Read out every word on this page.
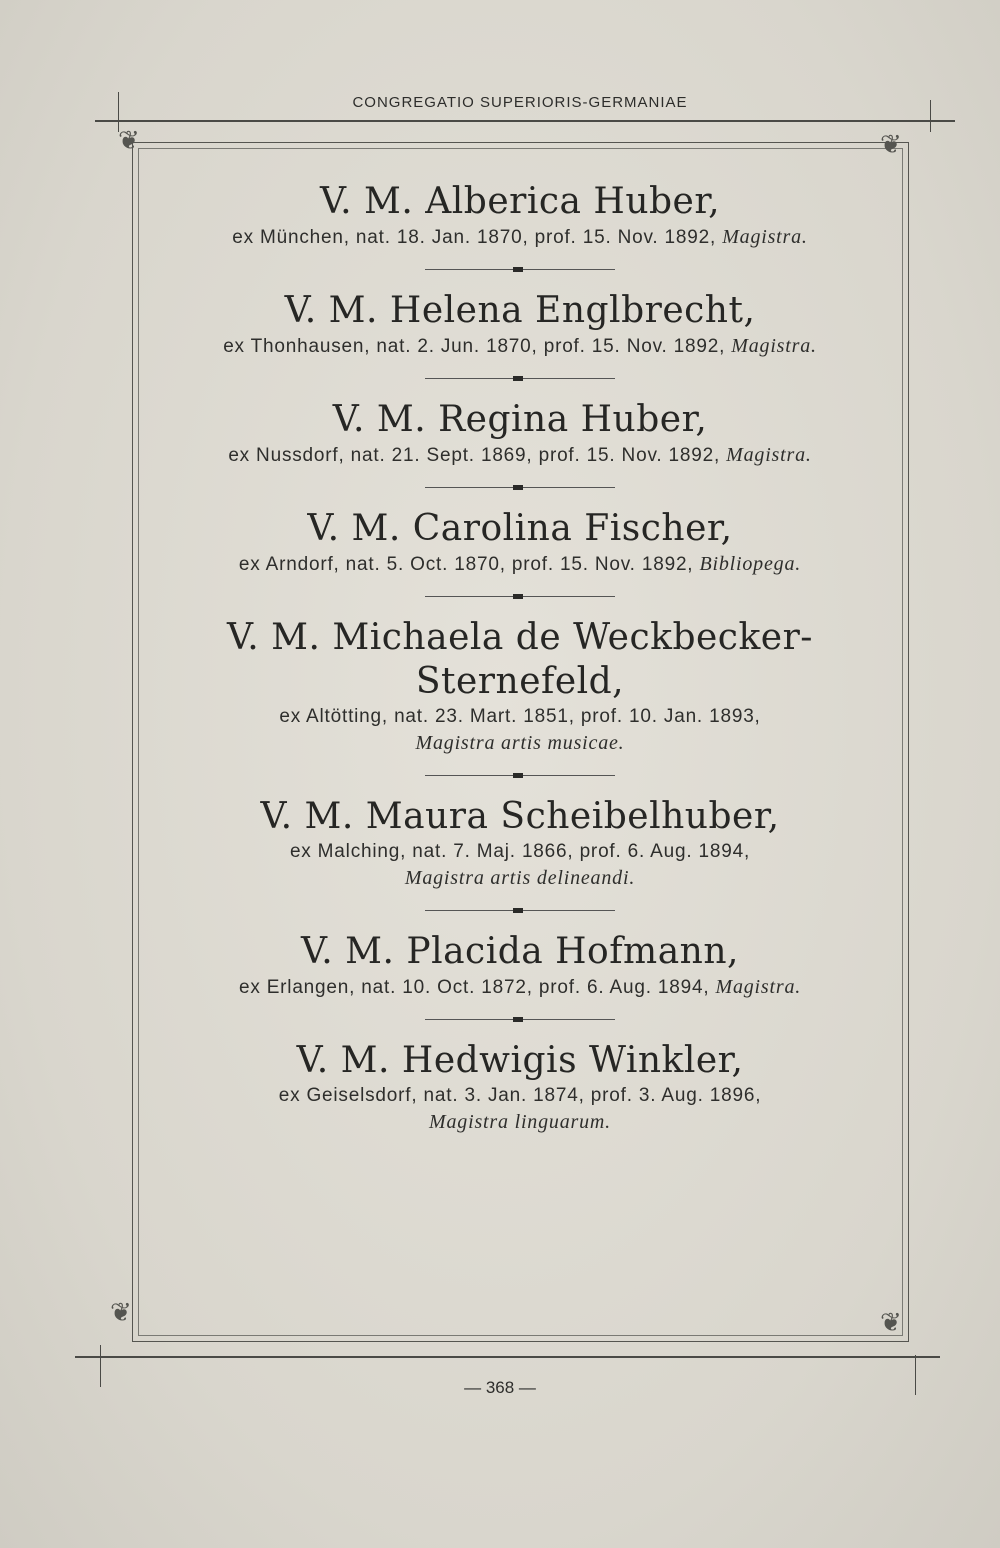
CONGREGATIO SUPERIORIS-GERMANIAE
❦	❦
❦	❦
V. M. Alberica Huber,
ex München, nat. 18. Jan. 1870, prof. 15. Nov. 1892, Magistra.
V. M. Helena Englbrecht,
ex Thonhausen, nat. 2. Jun. 1870, prof. 15. Nov. 1892, Magistra.
V. M. Regina Huber,
ex Nussdorf, nat. 21. Sept. 1869, prof. 15. Nov. 1892, Magistra.
V. M. Carolina Fischer,
ex Arndorf, nat. 5. Oct. 1870, prof. 15. Nov. 1892, Bibliopega.
V. M. Michaela de Weckbecker-Sternefeld,
ex Altötting, nat. 23. Mart. 1851, prof. 10. Jan. 1893,
Magistra artis musicae.
V. M. Maura Scheibelhuber,
ex Malching, nat. 7. Maj. 1866, prof. 6. Aug. 1894,
Magistra artis delineandi.
V. M. Placida Hofmann,
ex Erlangen, nat. 10. Oct. 1872, prof. 6. Aug. 1894, Magistra.
V. M. Hedwigis Winkler,
ex Geiselsdorf, nat. 3. Jan. 1874, prof. 3. Aug. 1896,
Magistra linguarum.
— 368 —
